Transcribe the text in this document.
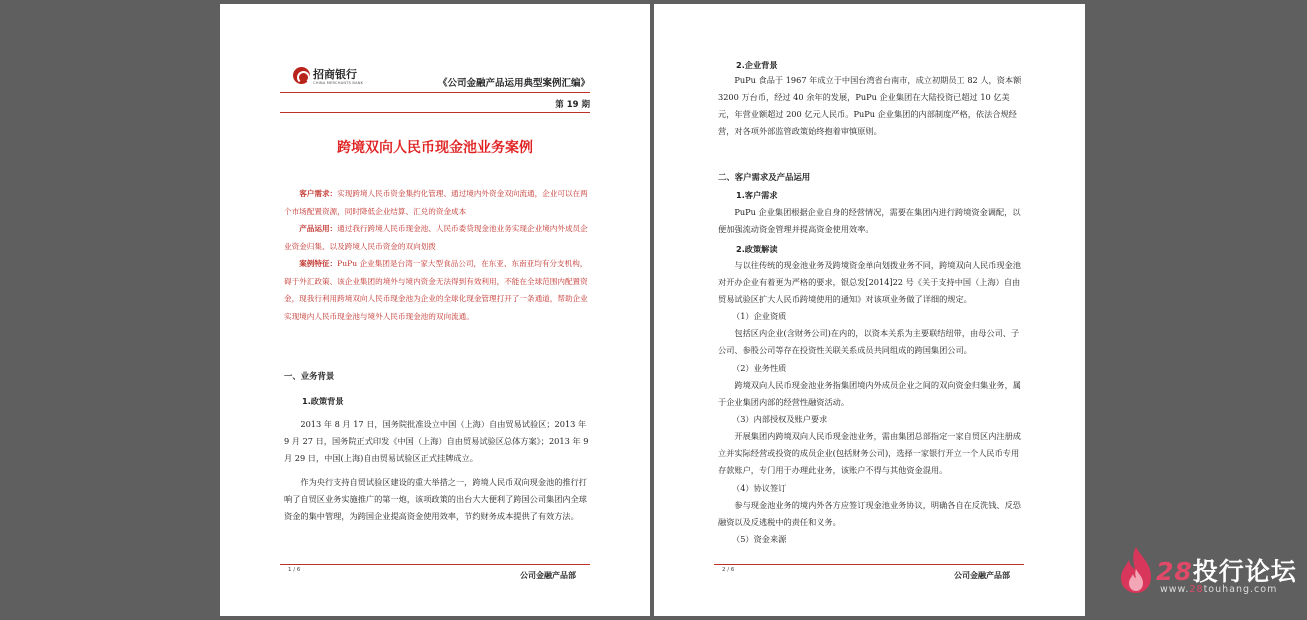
招商银行
CHINA MERCHANTS BANK	《公司金融产品运用典型案例汇编》
第 19 期
跨境双向人民币现金池业务案例

客户需求：实现跨境人民币资金集约化管理、通过境内外资金双向流通，企业可以在两个市场配置资源，同时降低企业结算、汇兑的资金成本

产品运用：通过我行跨境人民币现金池、人民币委贷现金池业务实现企业境内外成员企业资金归集、以及跨境人民币资金的双向划拨

案例特征：PuPu 企业集团是台湾一家大型食品公司，在东亚、东南亚均有分支机构，碍于外汇政策、该企业集团的境外与境内资金无法得到有效利用，不能在全球范围内配置资金，现我行利用跨境双向人民币现金池为企业的全球化现金管理打开了一条通道，帮助企业实现境内人民币现金池与境外人民币现金池的双向流通。

一、业务背景
1.政策背景
2013 年 8 月 17 日，国务院批准设立中国（上海）自由贸易试验区；2013 年 9 月 27 日，国务院正式印发《中国（上海）自由贸易试验区总体方案》；2013 年 9 月 29 日，中国(上海)自由贸易试验区正式挂牌成立。
作为央行支持自贸试验区建设的重大举措之一，跨境人民币双向现金池的推行打响了自贸区业务实施推广的第一炮，该项政策的出台大大便利了跨国公司集团内全球资金的集中管理，为跨国企业提高资金使用效率，节约财务成本提供了有效方法。
1 / 6
公司金融产品部
2.企业背景
PuPu 食品于 1967 年成立于中国台湾省台南市，成立初期员工 82 人，资本额 3200 万台币，经过 40 余年的发展，PuPu 企业集团在大陆投资已超过 10 亿美元，年营业额超过 200 亿元人民币。PuPu 企业集团的内部制度严格，依法合规经营，对各项外部监管政策始终抱着审慎原则。
二、客户需求及产品运用
1.客户需求
PuPu 企业集团根据企业自身的经营情况，需要在集团内进行跨境资金调配，以便加强流动资金管理并提高资金使用效率。
2.政策解读
与以往传统的现金池业务及跨境资金单向划拨业务不同，跨境双向人民币现金池对开办企业有着更为严格的要求，银总发[2014]22 号《关于支持中国（上海）自由贸易试验区扩大人民币跨境使用的通知》对该项业务做了详细的规定。
（1）企业资质
包括区内企业(含财务公司)在内的，以资本关系为主要联结纽带，由母公司、子公司、参股公司等存在投资性关联关系成员共同组成的跨国集团公司。
（2）业务性质
跨境双向人民币现金池业务指集团境内外成员企业之间的双向资金归集业务，属于企业集团内部的经营性融资活动。
（3）内部授权及账户要求
开展集团内跨境双向人民币现金池业务，需由集团总部指定一家自贸区内注册成立并实际经营或投资的成员企业(包括财务公司)，选择一家银行开立一个人民币专用存款账户，专门用于办理此业务，该账户不得与其他资金混用。
（4）协议签订
参与现金池业务的境内外各方应签订现金池业务协议，明确各自在反洗钱、反恐融资以及反逃税中的责任和义务。
（5）资金来源
2 / 6
公司金融产品部	28投行论坛
www.28touhang.com
